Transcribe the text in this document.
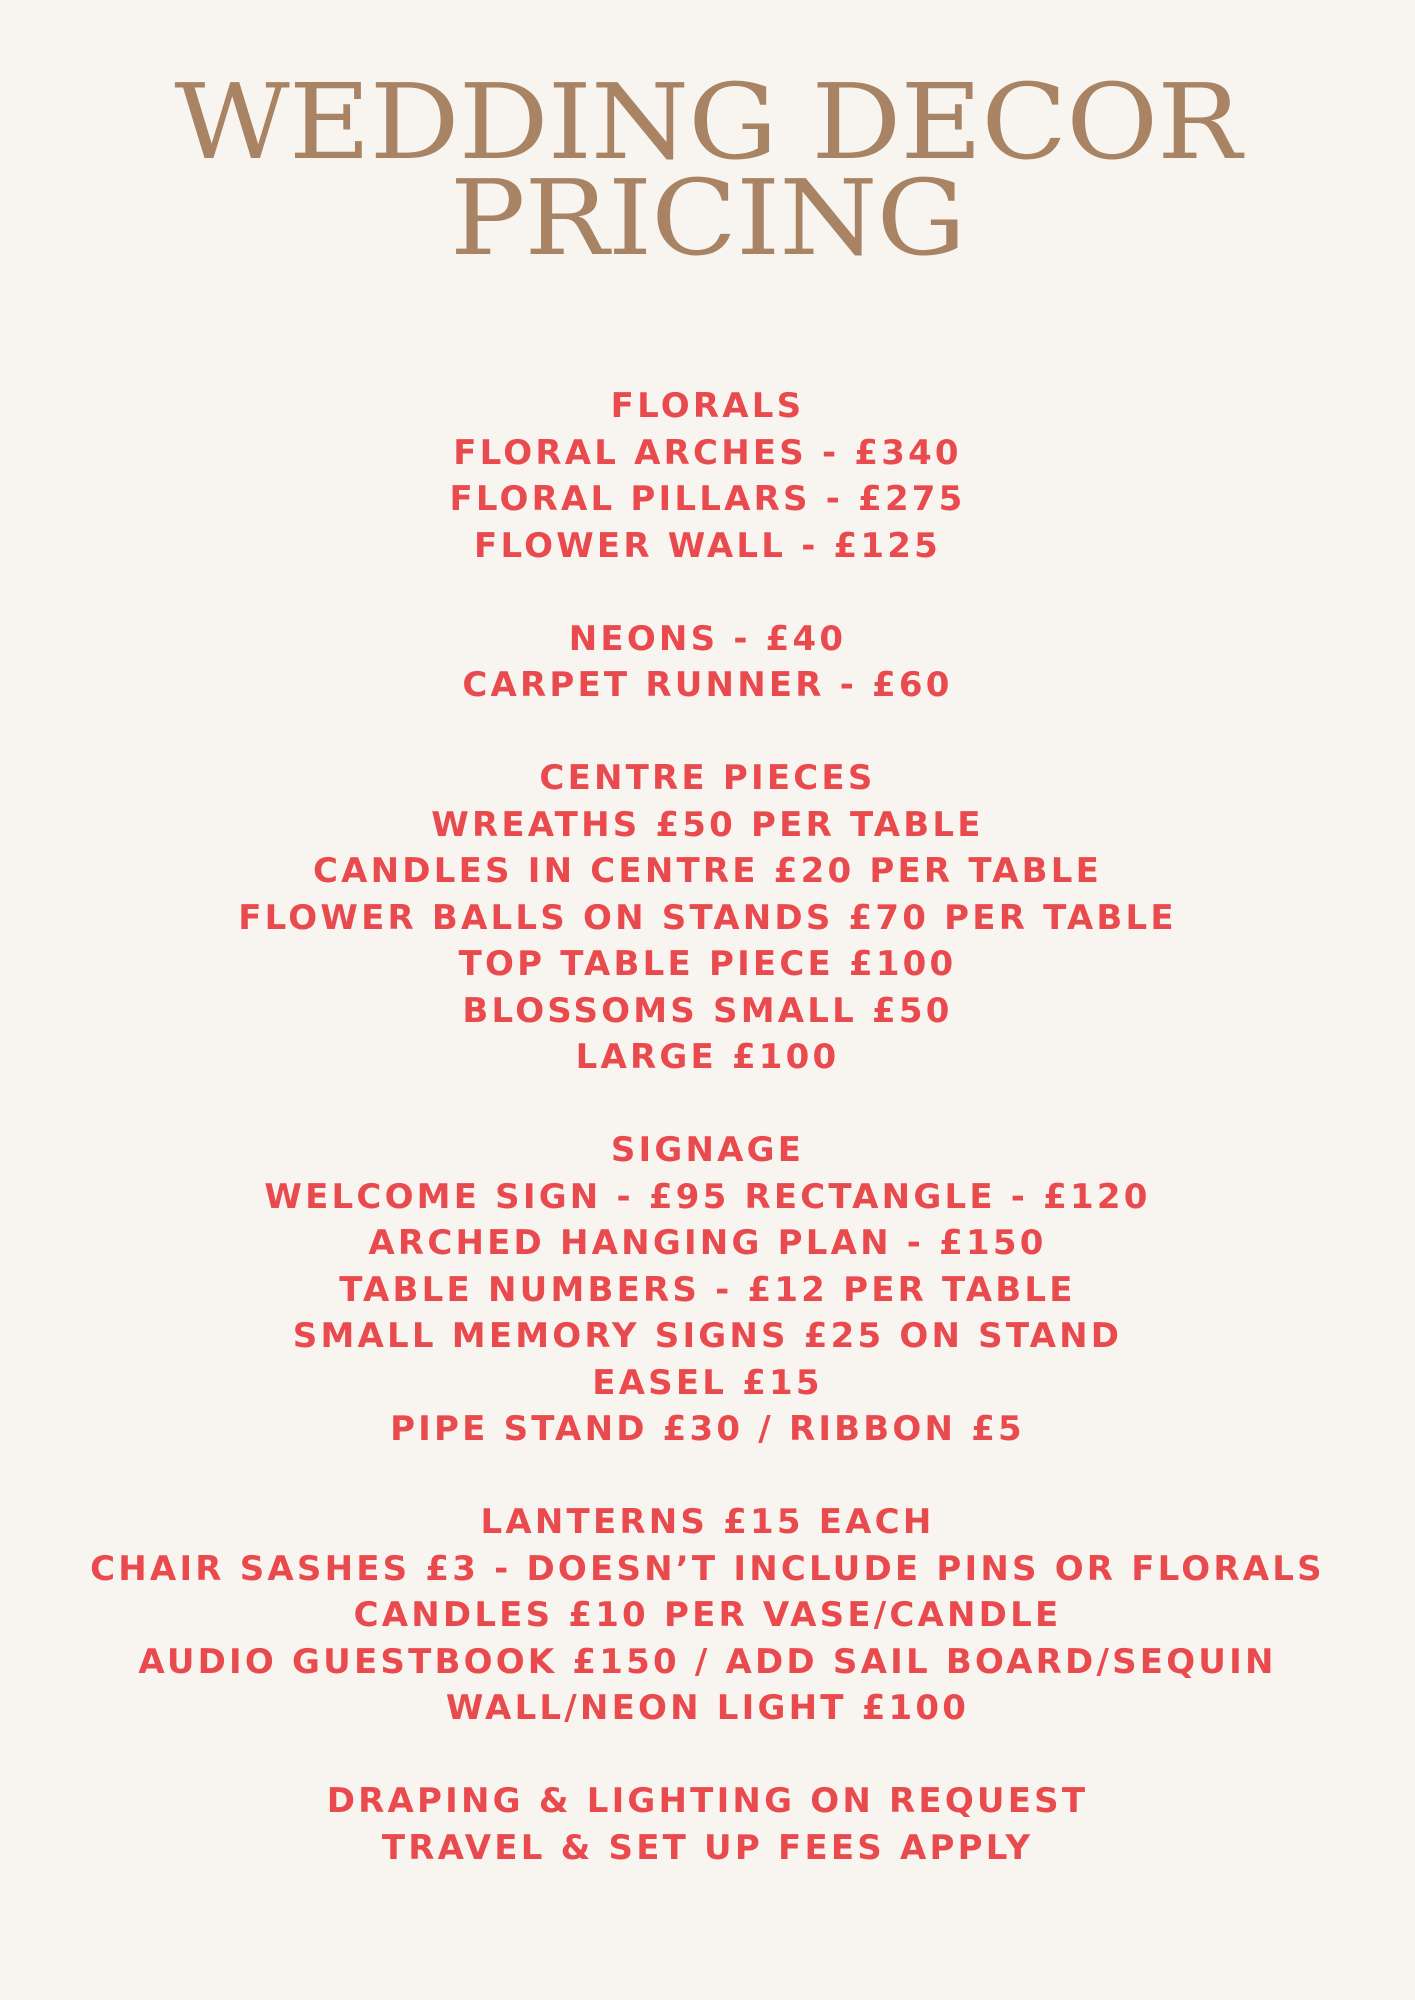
WEDDING DECOR
PRICING
FLORALS
FLORAL ARCHES - £340
FLORAL PILLARS - £275
FLOWER WALL - £125
NEONS - £40
CARPET RUNNER - £60
CENTRE PIECES
WREATHS £50 PER TABLE
CANDLES IN CENTRE £20 PER TABLE
FLOWER BALLS ON STANDS £70 PER TABLE
TOP TABLE PIECE £100
BLOSSOMS SMALL £50
LARGE £100
SIGNAGE
WELCOME SIGN - £95 RECTANGLE - £120
ARCHED HANGING PLAN - £150
TABLE NUMBERS - £12 PER TABLE
SMALL MEMORY SIGNS £25 ON STAND
EASEL £15
PIPE STAND £30 / RIBBON £5
LANTERNS £15 EACH
CHAIR SASHES £3 - DOESN’T INCLUDE PINS OR FLORALS
CANDLES £10 PER VASE/CANDLE
AUDIO GUESTBOOK £150 / ADD SAIL BOARD/SEQUIN WALL/NEON LIGHT £100
DRAPING & LIGHTING ON REQUEST
TRAVEL & SET UP FEES APPLY
